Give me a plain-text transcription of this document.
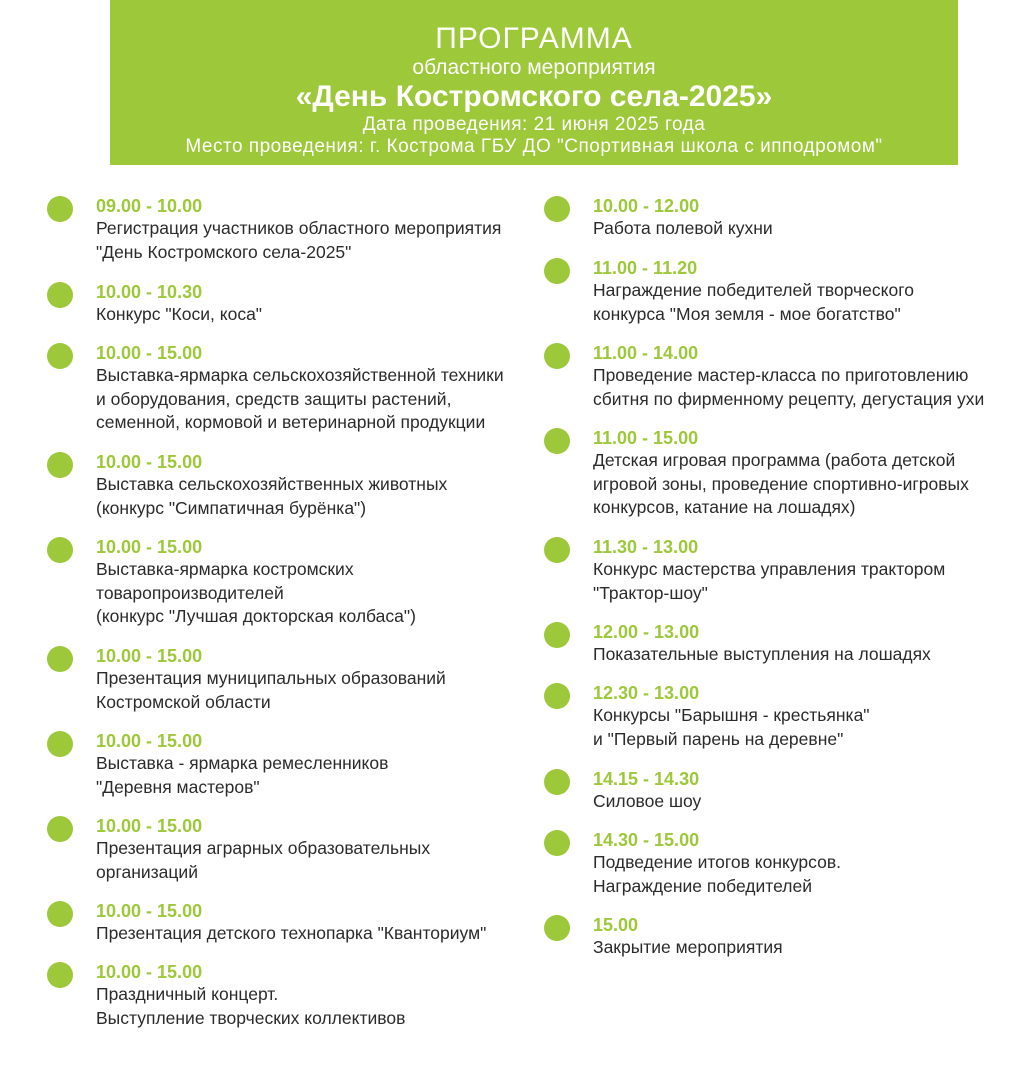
ПРОГРАММА
областного мероприятия
«День Костромского села-2025»
Дата проведения: 21 июня 2025 года
Место проведения: г. Кострома ГБУ ДО "Спортивная школа с ипподромом"
09.00 - 10.00
Регистрация участников областного мероприятия
"День Костромского села-2025"
10.00 - 10.30
Конкурс "Коси, коса"
10.00 - 15.00
Выставка-ярмарка сельскохозяйственной техники
и оборудования, средств защиты растений,
семенной, кормовой и ветеринарной продукции
10.00 - 15.00
Выставка сельскохозяйственных животных
(конкурс "Симпатичная бурёнка")
10.00 - 15.00
Выставка-ярмарка костромских
товаропроизводителей
(конкурс "Лучшая докторская колбаса")
10.00 - 15.00
Презентация муниципальных образований
Костромской области
10.00 - 15.00
Выставка - ярмарка ремесленников
"Деревня мастеров"
10.00 - 15.00
Презентация аграрных образовательных
организаций
10.00 - 15.00
Презентация детского технопарка "Кванториум"
10.00 - 15.00
Праздничный концерт.
Выступление творческих коллективов
10.00 - 12.00
Работа полевой кухни
11.00 - 11.20
Награждение победителей творческого
конкурса "Моя земля - мое богатство"
11.00 - 14.00
Проведение мастер-класса по приготовлению
сбитня по фирменному рецепту, дегустация ухи
11.00 - 15.00
Детская игровая программа (работа детской
игровой зоны, проведение спортивно-игровых
конкурсов, катание на лошадях)
11.30 - 13.00
Конкурс мастерства управления трактором
"Трактор-шоу"
12.00 - 13.00
Показательные выступления на лошадях
12.30 - 13.00
Конкурсы "Барышня - крестьянка"
и "Первый парень на деревне"
14.15 - 14.30
Силовое шоу
14.30 - 15.00
Подведение итогов конкурсов.
Награждение победителей
15.00
Закрытие мероприятия
